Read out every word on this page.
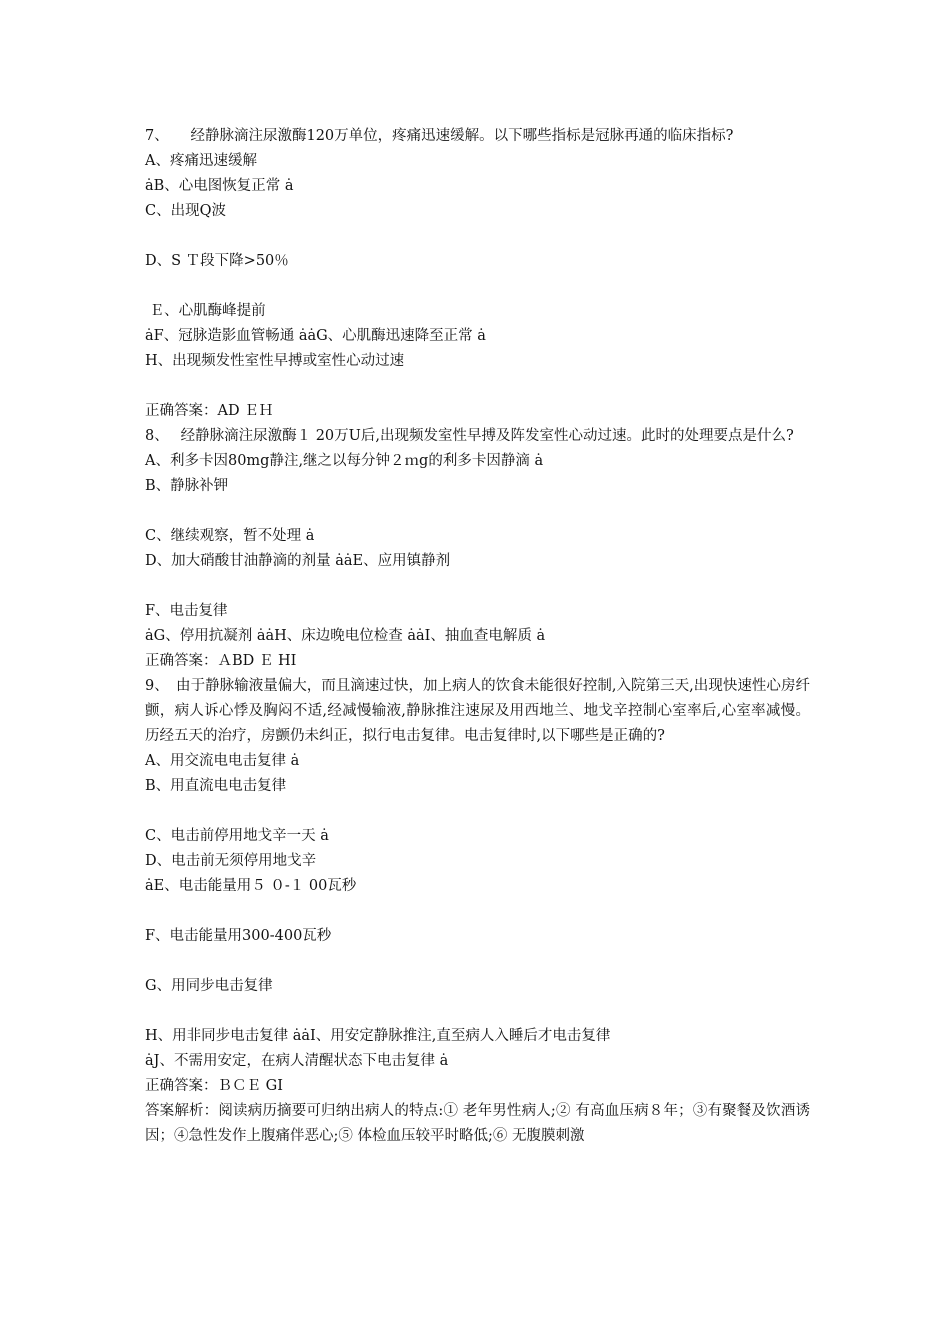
7、　　经静脉滴注尿激酶120万单位，疼痛迅速缓解。以下哪些指标是冠脉再通的临床指标?
A、疼痛迅速缓解
ȧB、心电图恢复正常 ȧ
C、出现Q波
D、S Ｔ段下降>50％
Ｅ、心肌酶峰提前
ȧF、冠脉造影血管畅通 ȧȧG、心肌酶迅速降至正常 ȧ
H、出现频发性室性早搏或室性心动过速
正确答案：AD ＥＨ
8、　 经静脉滴注尿激酶１ 20万U后,出现频发室性早搏及阵发室性心动过速。此时的处理要点是什么?
A、利多卡因80mg静注,继之以每分钟２ｍg的利多卡因静滴 ȧ
B、静脉补钾
C、继续观察，暂不处理 ȧ
D、加大硝酸甘油静滴的剂量 ȧȧE、应用镇静剂
F、电击复律
ȧG、停用抗凝剂 ȧȧH、床边晚电位检查 ȧȧI、抽血查电解质 ȧ
正确答案：ＡBD Ｅ HI
9、　由于静脉输液量偏大，而且滴速过快，加上病人的饮食未能很好控制,入院第三天,出现快速性心房纤颤，病人诉心悸及胸闷不适,经减慢输液,静脉推注速尿及用西地兰、地戈辛控制心室率后,心室率减慢。历经五天的治疗，房颤仍未纠正，拟行电击复律。电击复律时,以下哪些是正确的?
A、用交流电电击复律 ȧ
B、用直流电电击复律
C、电击前停用地戈辛一天 ȧ
D、电击前无须停用地戈辛
ȧE、电击能量用５ ０-１ 00瓦秒
F、电击能量用300-400瓦秒
G、用同步电击复律
H、用非同步电击复律 ȧȧI、用安定静脉推注,直至病人入睡后才电击复律
ȧJ、不需用安定，在病人清醒状态下电击复律 ȧ
正确答案：ＢＣＥ GI
答案解析：阅读病历摘要可归纳出病人的特点:① 老年男性病人;② 有高血压病８年；③有聚餐及饮酒诱因；④急性发作上腹痛伴恶心;⑤ 体检血压较平时略低;⑥ 无腹膜刺激
